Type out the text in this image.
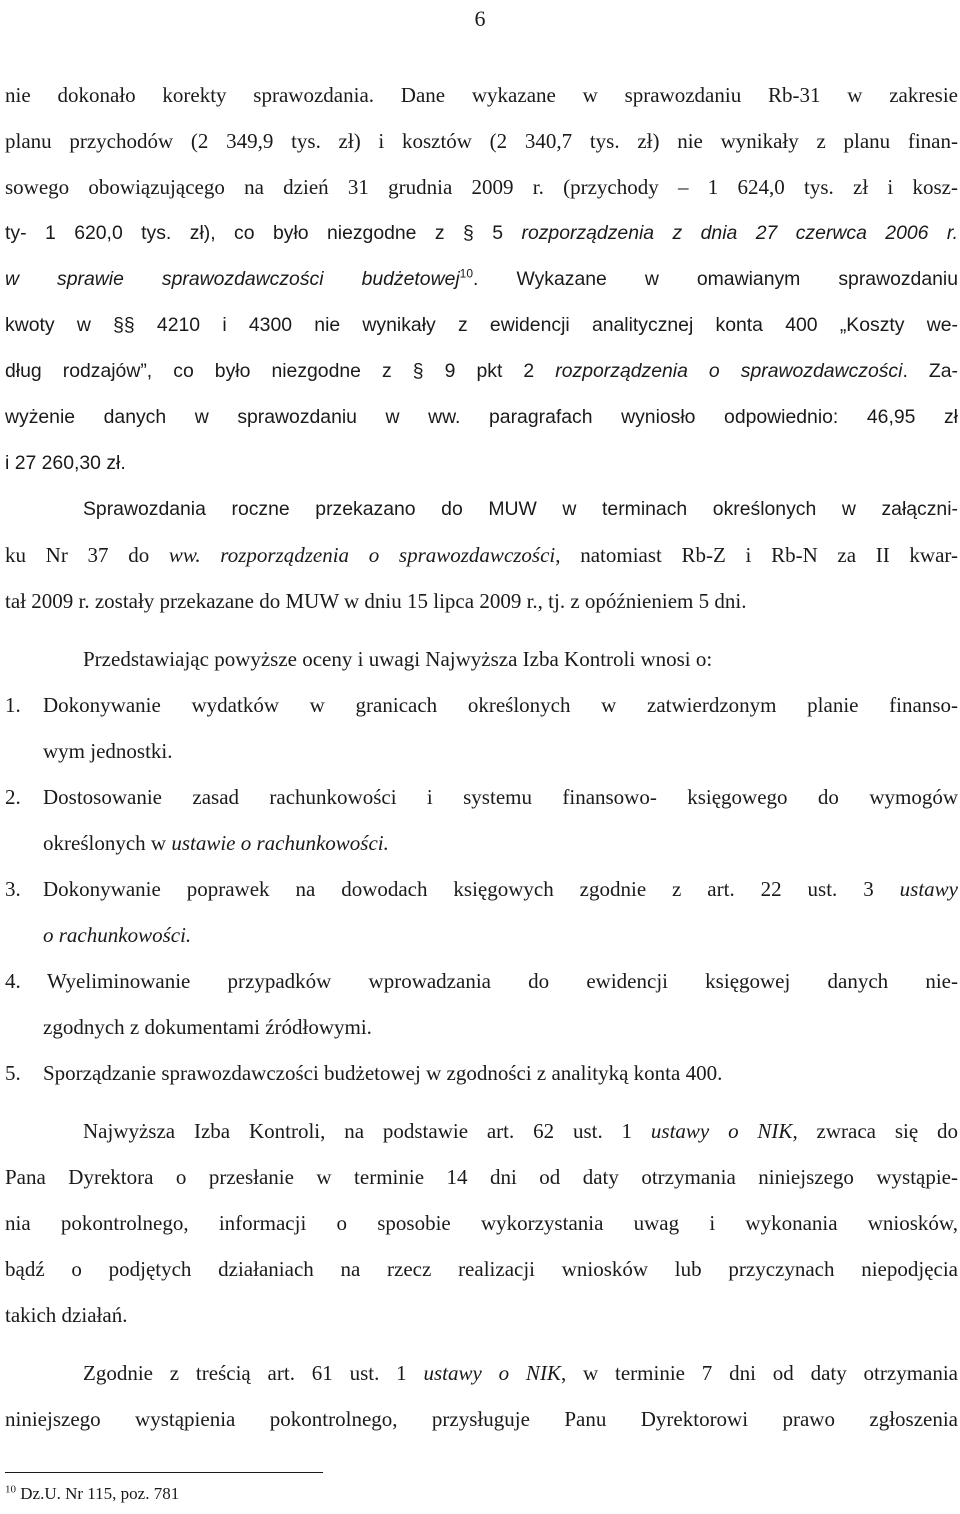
6
nie dokonało korekty sprawozdania. Dane wykazane w sprawozdaniu Rb-31 w zakresie
planu przychodów (2 349,9 tys. zł) i kosztów (2 340,7 tys. zł) nie wynikały z planu finan-
sowego obowiązującego na dzień 31 grudnia 2009 r. (przychody – 1 624,0 tys. zł i kosz-
ty- 1 620,0 tys. zł), co było niezgodne z § 5 rozporządzenia z dnia 27 czerwca 2006 r.
w sprawie sprawozdawczości budżetowej$^{10}$. Wykazane w omawianym sprawozdaniu
kwoty w §§ 4210 i 4300 nie wynikały z ewidencji analitycznej konta 400 „Koszty we-
dług rodzajów”, co było niezgodne z § 9 pkt 2 rozporządzenia o sprawozdawczości. Za-
wyżenie danych w sprawozdaniu w ww. paragrafach wyniosło odpowiednio: 46,95 zł
i 27 260,30 zł.
Sprawozdania roczne przekazano do MUW w terminach określonych w załączni-
ku Nr 37 do ww. rozporządzenia o sprawozdawczości, natomiast Rb-Z i Rb-N za II kwar-
tał 2009 r. zostały przekazane do MUW w dniu 15 lipca 2009 r., tj. z opóźnieniem 5 dni.
Przedstawiając powyższe oceny i uwagi Najwyższa Izba Kontroli wnosi o:
1. Dokonywanie wydatków w granicach określonych w zatwierdzonym planie finanso-
wym jednostki.
2. Dostosowanie zasad rachunkowości i systemu finansowo- księgowego do wymogów
określonych w ustawie o rachunkowości.
3. Dokonywanie poprawek na dowodach księgowych zgodnie z art. 22 ust. 3 ustawy
o rachunkowości.
4. Wyeliminowanie przypadków wprowadzania do ewidencji księgowej danych nie-
zgodnych z dokumentami źródłowymi.
5. Sporządzanie sprawozdawczości budżetowej w zgodności z analityką konta 400.
Najwyższa Izba Kontroli, na podstawie art. 62 ust. 1 ustawy o NIK, zwraca się do
Pana Dyrektora o przesłanie w terminie 14 dni od daty otrzymania niniejszego wystąpie-
nia pokontrolnego, informacji o sposobie wykorzystania uwag i wykonania wniosków,
bądź o podjętych działaniach na rzecz realizacji wniosków lub przyczynach niepodjęcia
takich działań.
Zgodnie z treścią art. 61 ust. 1 ustawy o NIK, w terminie 7 dni od daty otrzymania
niniejszego wystąpienia pokontrolnego, przysługuje Panu Dyrektorowi prawo zgłoszenia
$^{10}$ Dz.U. Nr 115, poz. 781
